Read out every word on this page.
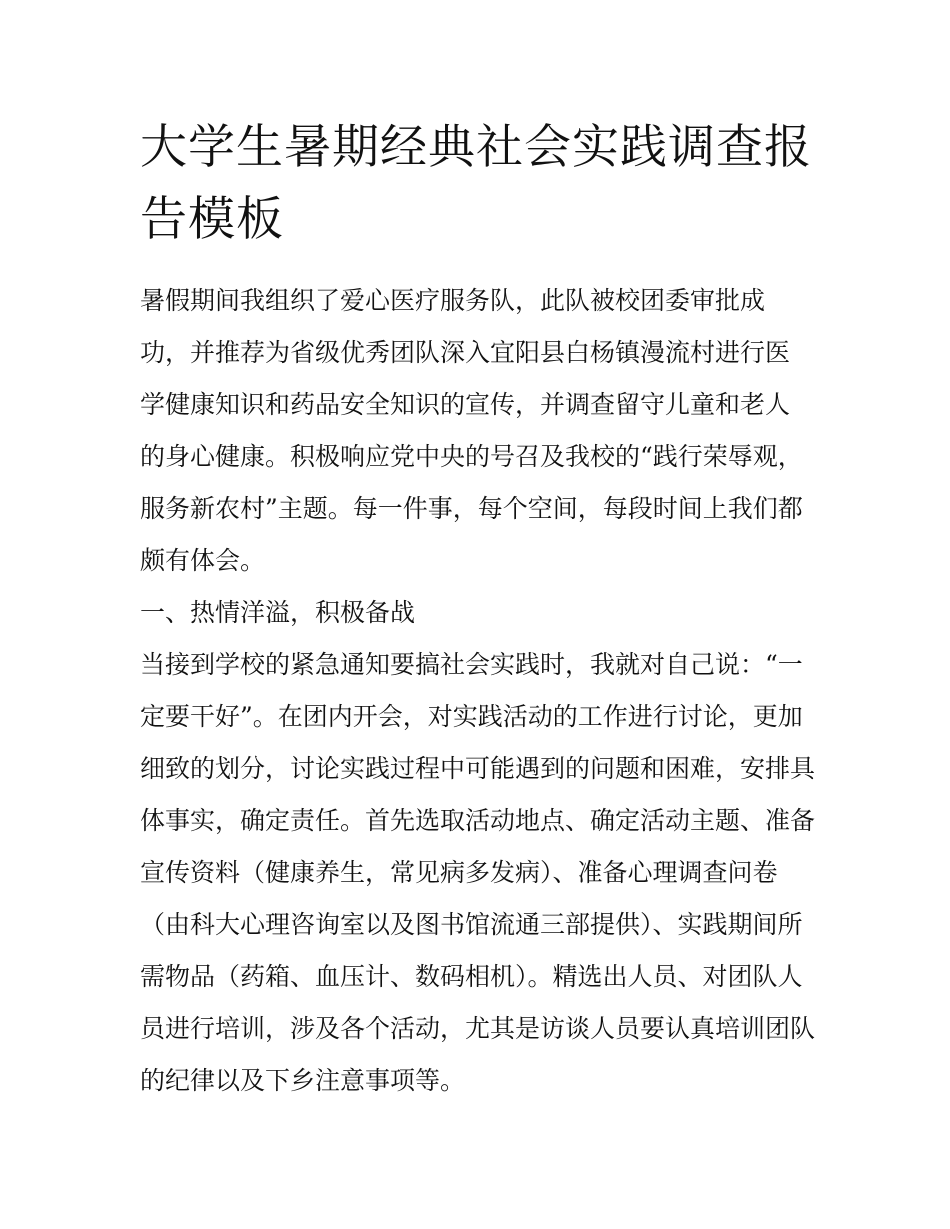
大学生暑期经典社会实践调查报告模板

暑假期间我组织了爱心医疗服务队，此队被校团委审批成功，并推荐为省级优秀团队深入宜阳县白杨镇漫流村进行医学健康知识和药品安全知识的宣传，并调查留守儿童和老人的身心健康。积极响应党中央的号召及我校的“践行荣辱观，服务新农村”主题。每一件事，每个空间，每段时间上我们都颇有体会。

一、热情洋溢，积极备战

当接到学校的紧急通知要搞社会实践时，我就对自己说：“一定要干好”。在团内开会，对实践活动的工作进行讨论，更加细致的划分，讨论实践过程中可能遇到的问题和困难，安排具体事实，确定责任。首先选取活动地点、确定活动主题、准备宣传资料（健康养生，常见病多发病）、准备心理调查问卷（由科大心理咨询室以及图书馆流通三部提供）、实践期间所需物品（药箱、血压计、数码相机）。精选出人员、对团队人员进行培训，涉及各个活动，尤其是访谈人员要认真培训团队的纪律以及下乡注意事项等。
